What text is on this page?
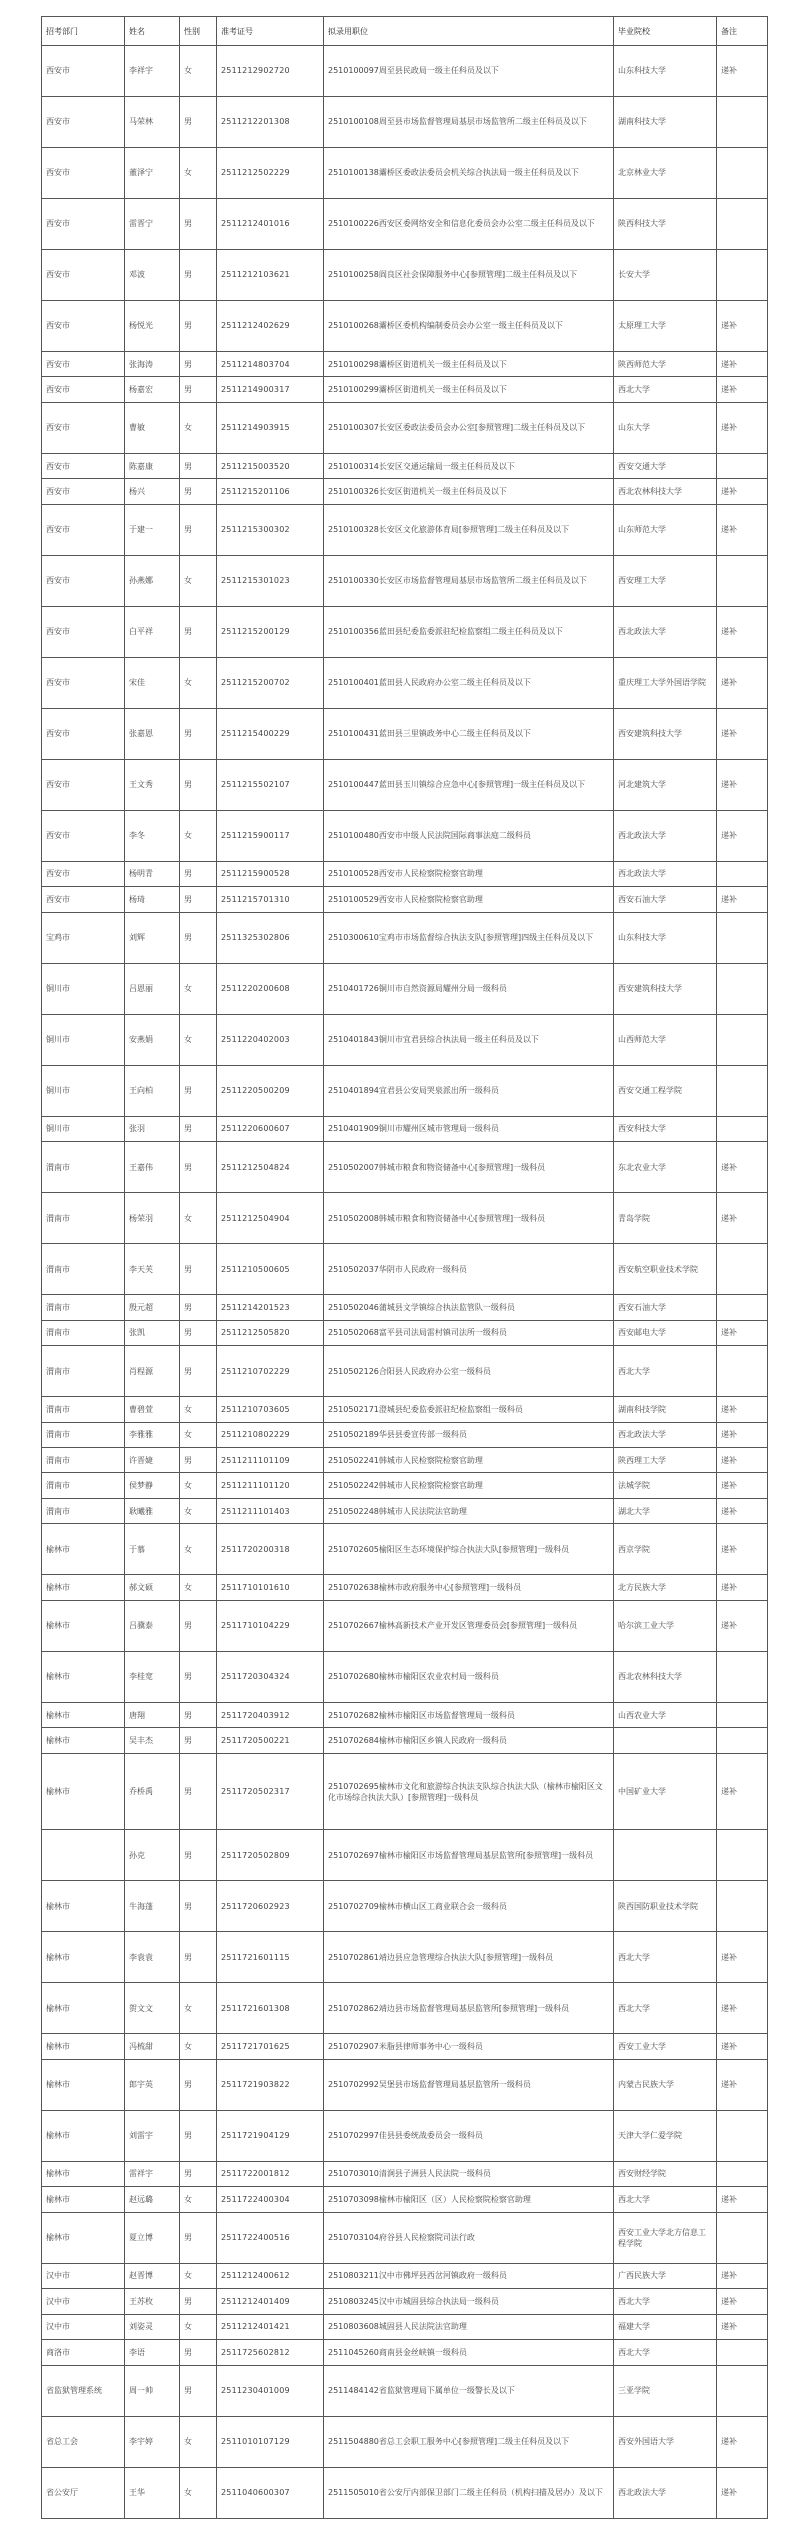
招考部门	姓名	性别	准考证号	拟录用职位	毕业院校	备注
西安市	李祥宇	女	2511212902720	2510100097周至县民政局一级主任科员及以下	山东科技大学	递补
西安市	马荣林	男	2511212201308	2510100108周至县市场监督管理局基层市场监管所二级主任科员及以下	湖南科技大学	
西安市	董泽宁	女	2511212502229	2510100138灞桥区委政法委员会机关综合执法局一级主任科员及以下	北京林业大学	
西安市	雷晋宁	男	2511212401016	2510100226西安区委网络安全和信息化委员会办公室二级主任科员及以下	陕西科技大学	
西安市	邓波	男	2511212103621	2510100258阎良区社会保障服务中心[参照管理]二级主任科员及以下	长安大学	
西安市	杨悦光	男	2511212402629	2510100268灞桥区委机构编制委员会办公室一级主任科员及以下	太原理工大学	递补
西安市	张海涛	男	2511214803704	2510100298灞桥区街道机关一级主任科员及以下	陕西师范大学	递补
西安市	杨嘉宏	男	2511214900317	2510100299灞桥区街道机关一级主任科员及以下	西北大学	递补
西安市	曹敏	女	2511214903915	2510100307长安区委政法委员会办公室[参照管理]二级主任科员及以下	山东大学	递补
西安市	陈嘉康	男	2511215003520	2510100314长安区交通运输局一级主任科员及以下	西安交通大学	
西安市	杨兴	男	2511215201106	2510100326长安区街道机关一级主任科员及以下	西北农林科技大学	递补
西安市	于建一	男	2511215300302	2510100328长安区文化旅游体育局[参照管理]二级主任科员及以下	山东师范大学	递补
西安市	孙燕娜	女	2511215301023	2510100330长安区市场监督管理局基层市场监管所二级主任科员及以下	西安理工大学	
西安市	白平祥	男	2511215200129	2510100356蓝田县纪委监委派驻纪检监察组二级主任科员及以下	西北政法大学	递补
西安市	宋佳	女	2511215200702	2510100401蓝田县人民政府办公室二级主任科员及以下	重庆理工大学外国语学院	递补
西安市	张嘉恩	男	2511215400229	2510100431蓝田县三里镇政务中心二级主任科员及以下	西安建筑科技大学	递补
西安市	王文秀	男	2511215502107	2510100447蓝田县玉川镇综合应急中心[参照管理]一级主任科员及以下	河北建筑大学	递补
西安市	李冬	女	2511215900117	2510100480西安市中级人民法院国际商事法庭二级科员	西北政法大学	递补
西安市	杨明青	男	2511215900528	2510100528西安市人民检察院检察官助理	西北政法大学	
西安市	杨琦	男	2511215701310	2510100529西安市人民检察院检察官助理	西安石油大学	递补
宝鸡市	刘辉	男	2511325302806	2510300610宝鸡市市场监督综合执法支队[参照管理]四级主任科员及以下	山东科技大学	
铜川市	吕恩丽	女	2511220200608	2510401726铜川市自然资源局耀州分局一级科员	西安建筑科技大学	
铜川市	安燕娟	女	2511220402003	2510401843铜川市宜君县综合执法局一级主任科员及以下	山西师范大学	
铜川市	王向柏	男	2511220500209	2510401894宜君县公安局哭泉派出所一级科员	西安交通工程学院	
铜川市	张羽	男	2511220600607	2510401909铜川市耀州区城市管理局一级科员	西安科技大学	
渭南市	王嘉伟	男	2511212504824	2510502007韩城市粮食和物资储备中心[参照管理]一级科员	东北农业大学	递补
渭南市	杨荣羽	女	2511212504904	2510502008韩城市粮食和物资储备中心[参照管理]一级科员	青岛学院	递补
渭南市	李天芙	男	2511210500605	2510502037华阴市人民政府一级科员	西安航空职业技术学院	
渭南市	殷元超	男	2511214201523	2510502046蒲城县文学镇综合执法监管队一级科员	西安石油大学	
渭南市	张凯	男	2511212505820	2510502068富平县司法局雷村镇司法所一级科员	西安邮电大学	递补
渭南市	肖程源	男	2511210702229	2510502126合阳县人民政府办公室一级科员	西北大学	
渭南市	曹碧萱	女	2511210703605	2510502171澄城县纪委监委派驻纪检监察组一级科员	湖南科技学院	递补
渭南市	李雅雅	女	2511210802229	2510502189华县县委宣传部一级科员	西北政法大学	递补
渭南市	许晋婕	男	2511211101109	2510502241韩城市人民检察院检察官助理	陕西理工大学	递补
渭南市	侯梦静	女	2511211101120	2510502242韩城市人民检察院检察官助理	法城学院	递补
渭南市	耿曦雅	女	2511211101403	2510502248韩城市人民法院法官助理	湖北大学	递补
榆林市	于慕	女	2511720200318	2510702605榆阳区生态环境保护综合执法大队[参照管理]一级科员	西京学院	递补
榆林市	郝文硕	女	2511710101610	2510702638榆林市政府服务中心[参照管理]一级科员	北方民族大学	递补
榆林市	吕骥泰	男	2511710104229	2510702667榆林高新技术产业开发区管理委员会[参照管理]一级科员	哈尔滨工业大学	递补
榆林市	李桂宽	男	2511720304324	2510702680榆林市榆阳区农业农村局一级科员	西北农林科技大学	
榆林市	唐翔	男	2511720403912	2510702682榆林市榆阳区市场监督管理局一级科员	山西农业大学	
榆林市	吴丰杰	男	2511720500221	2510702684榆林市榆阳区乡镇人民政府一级科员		
榆林市	乔桥禹	男	2511720502317	2510702695榆林市文化和旅游综合执法支队综合执法大队（榆林市榆阳区文化市场综合执法大队）[参照管理]一级科员	中国矿业大学	递补
	孙克	男	2511720502809	2510702697榆林市榆阳区市场监督管理局基层监管所[参照管理]一级科员		
榆林市	牛海蓬	男	2511720602923	2510702709榆林市横山区工商业联合会一级科员	陕西国防职业技术学院	
榆林市	李袁袁	男	2511721601115	2510702861靖边县应急管理综合执法大队[参照管理]一级科员	西北大学	递补
榆林市	贺文文	女	2511721601308	2510702862靖边县市场监督管理局基层监管所[参照管理]一级科员	西北大学	递补
榆林市	冯梳甜	女	2511721701625	2510702907米脂县律师事务中心一级科员	西安工业大学	递补
榆林市	郎宇英	男	2511721903822	2510702992吴堡县市场监督管理局基层监管所一级科员	内蒙古民族大学	递补
榆林市	刘雷宇	男	2511721904129	2510702997佳县县委统战委员会一级科员	天津大学仁爱学院	
榆林市	雷祥宇	男	2511722001812	2510703010清涧县子洲县人民法院一级科员	西安财经学院	
榆林市	赵远璐	女	2511722400304	2510703098榆林市榆阳区（区）人民检察院检察官助理	西北大学	递补
榆林市	夏立博	男	2511722400516	2510703104府谷县人民检察院司法行政	西安工业大学北方信息工程学院	
汉中市	赵晋博	女	2511212400612	2510803211汉中市佛坪县西岔河镇政府一级科员	广西民族大学	递补
汉中市	王苏枚	男	2511212401409	2510803245汉中市城固县综合执法局一级科员	西北大学	递补
汉中市	刘姿灵	女	2511212401421	2510803608城固县人民法院法官助理	福建大学	递补
商洛市	李语	男	2511725602812	2511045260商南县金丝峡镇一级科员	西北大学	
省监狱管理系统	周一帅	男	2511230401009	2511484142省监狱管理局下属单位一级警长及以下	三亚学院	
省总工会	李宇婷	女	2511010107129	2511504880省总工会职工服务中心[参照管理]二级主任科员及以下	西安外国语大学	递补
省公安厅	王华	女	2511040600307	2511505010省公安厅内部保卫部门二级主任科员（机构扫描及居办）及以下	西北政法大学	递补
